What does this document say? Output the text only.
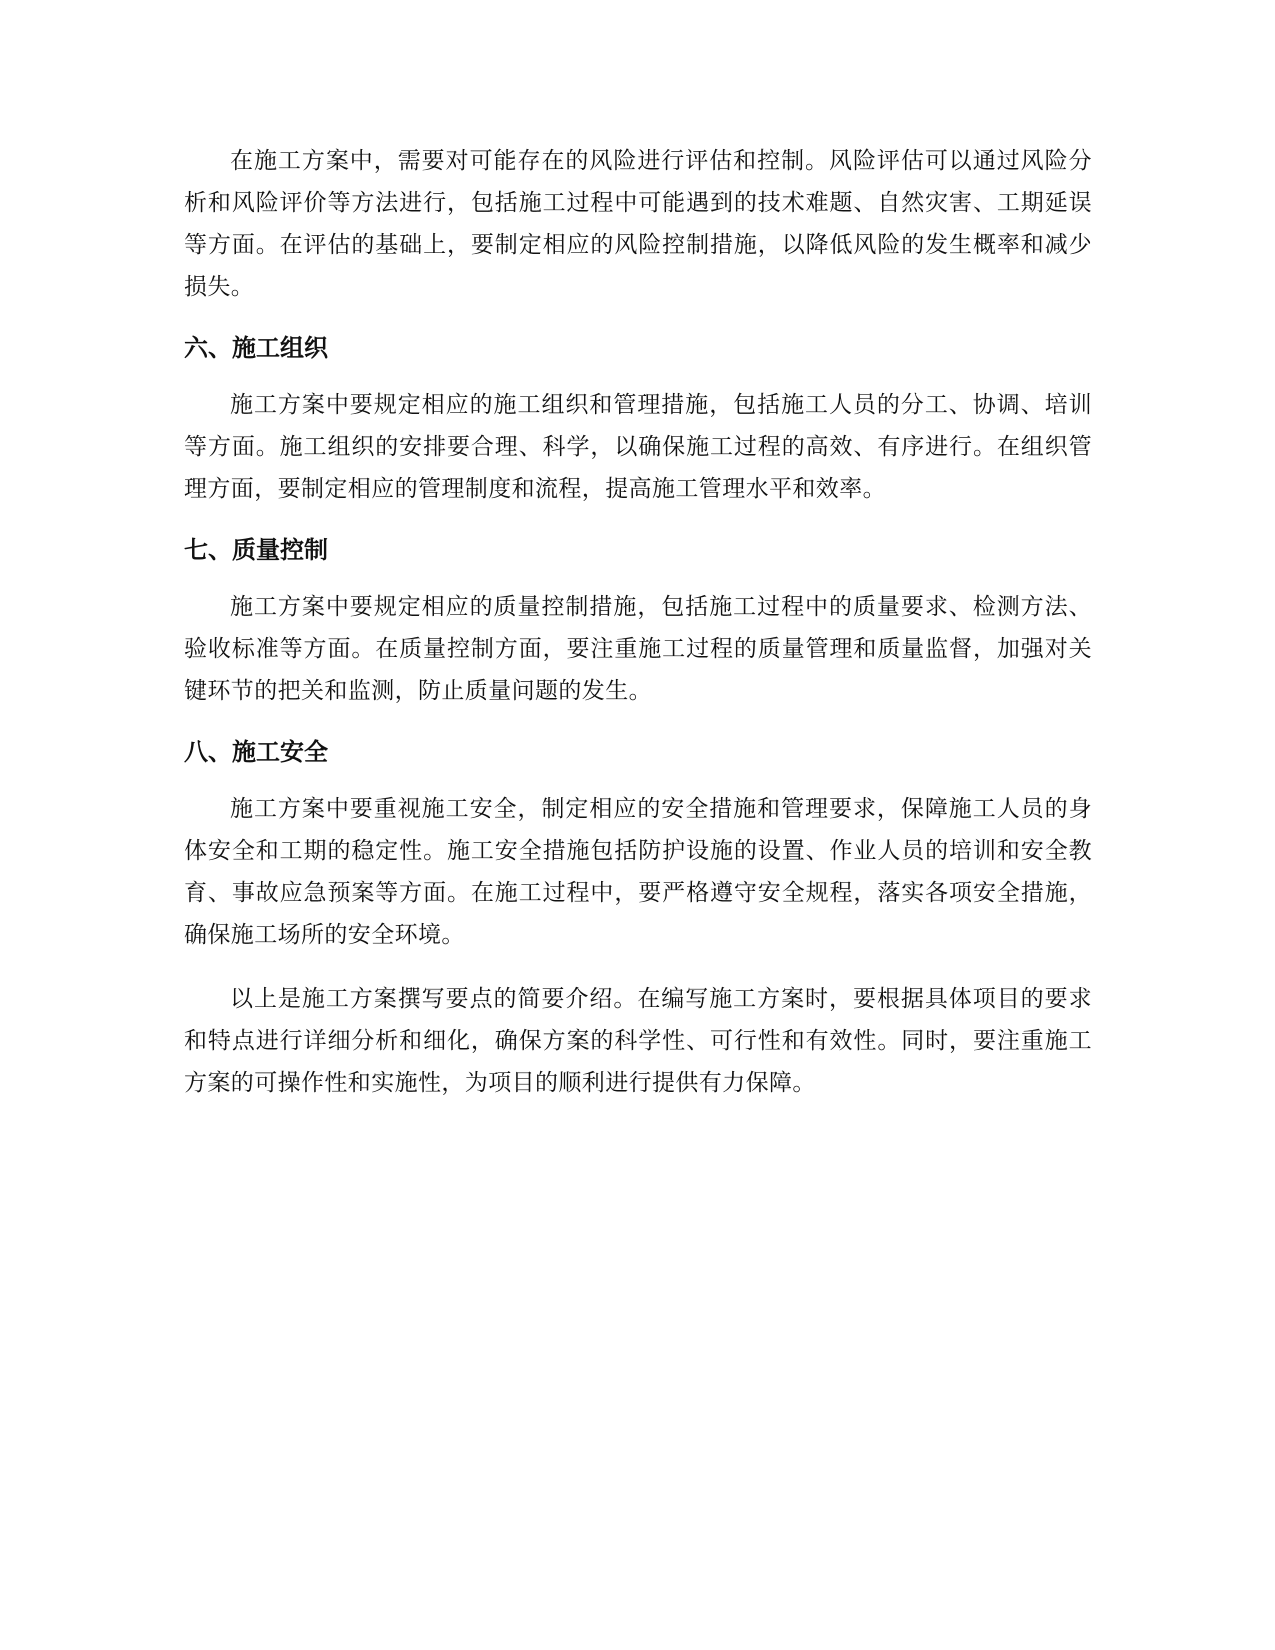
在施工方案中，需要对可能存在的风险进行评估和控制。风险评估可以通过风险分析和风险评价等方法进行，包括施工过程中可能遇到的技术难题、自然灾害、工期延误等方面。在评估的基础上，要制定相应的风险控制措施，以降低风险的发生概率和减少损失。

六、施工组织

施工方案中要规定相应的施工组织和管理措施，包括施工人员的分工、协调、培训等方面。施工组织的安排要合理、科学，以确保施工过程的高效、有序进行。在组织管理方面，要制定相应的管理制度和流程，提高施工管理水平和效率。

七、质量控制

施工方案中要规定相应的质量控制措施，包括施工过程中的质量要求、检测方法、验收标准等方面。在质量控制方面，要注重施工过程的质量管理和质量监督，加强对关键环节的把关和监测，防止质量问题的发生。

八、施工安全

施工方案中要重视施工安全，制定相应的安全措施和管理要求，保障施工人员的身体安全和工期的稳定性。施工安全措施包括防护设施的设置、作业人员的培训和安全教育、事故应急预案等方面。在施工过程中，要严格遵守安全规程，落实各项安全措施，确保施工场所的安全环境。

以上是施工方案撰写要点的简要介绍。在编写施工方案时，要根据具体项目的要求和特点进行详细分析和细化，确保方案的科学性、可行性和有效性。同时，要注重施工方案的可操作性和实施性，为项目的顺利进行提供有力保障。
